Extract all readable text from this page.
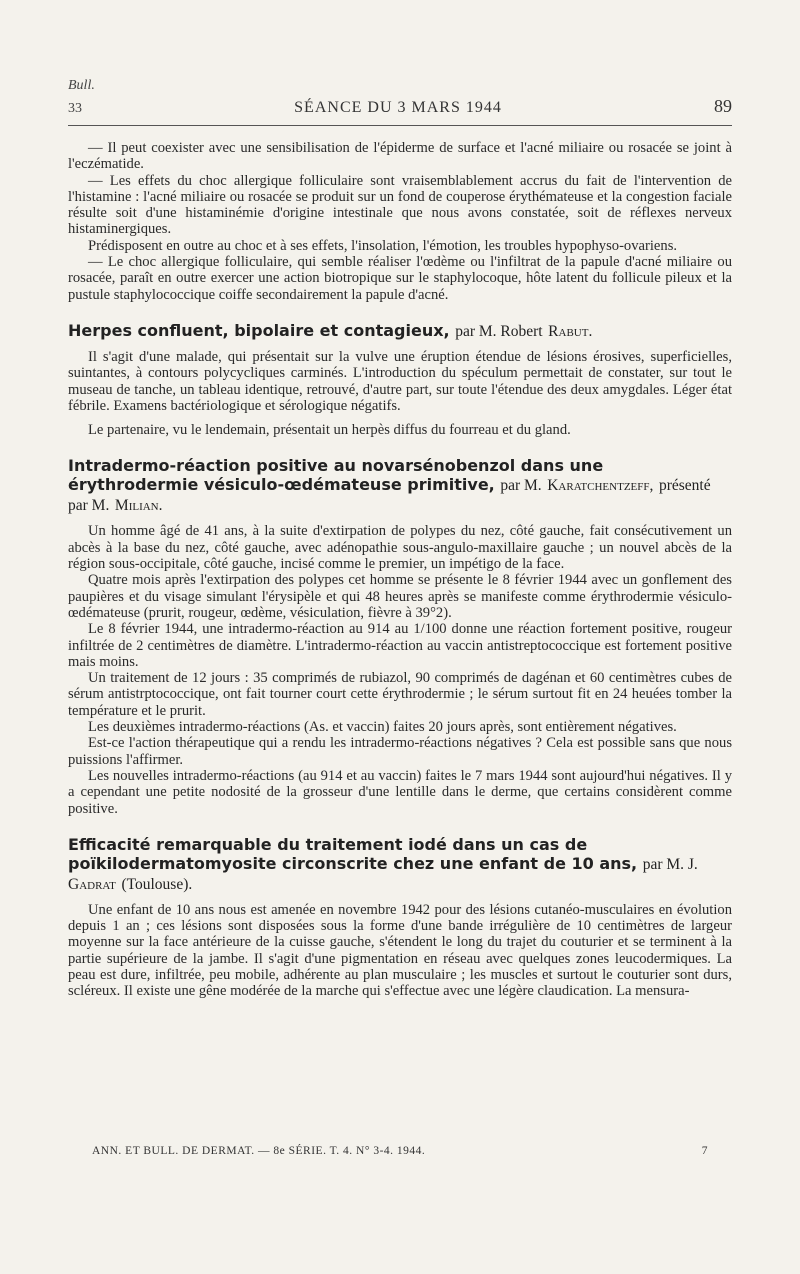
Bull.
33	SÉANCE DU 3 MARS 1944	89

— Il peut coexister avec une sensibilisation de l'épiderme de surface et l'acné miliaire ou rosacée se joint à l'eczématide.

— Les effets du choc allergique folliculaire sont vraisemblablement accrus du fait de l'intervention de l'histamine : l'acné miliaire ou rosacée se produit sur un fond de couperose érythémateuse et la congestion faciale résulte soit d'une histaminémie d'origine intestinale que nous avons constatée, soit de réflexes nerveux histaminergiques.

Prédisposent en outre au choc et à ses effets, l'insolation, l'émotion, les troubles hypophyso-ovariens.

— Le choc allergique folliculaire, qui semble réaliser l'œdème ou l'infiltrat de la papule d'acné miliaire ou rosacée, paraît en outre exercer une action biotropique sur le staphylocoque, hôte latent du follicule pileux et la pustule staphylococcique coiffe secondairement la papule d'acné.

Herpes confluent, bipolaire et contagieux, par M. Robert Rabut.

Il s'agit d'une malade, qui présentait sur la vulve une éruption étendue de lésions érosives, superficielles, suintantes, à contours polycycliques carminés. L'introduction du spéculum permettait de constater, sur tout le museau de tanche, un tableau identique, retrouvé, d'autre part, sur toute l'étendue des deux amygdales. Léger état fébrile. Examens bactériologique et sérologique négatifs.

Le partenaire, vu le lendemain, présentait un herpès diffus du fourreau et du gland.

Intradermo-réaction positive au novarsénobenzol dans une érythrodermie vésiculo-œdémateuse primitive, par M. Karatchentzeff, présenté par M. Milian.

Un homme âgé de 41 ans, à la suite d'extirpation de polypes du nez, côté gauche, fait consécutivement un abcès à la base du nez, côté gauche, avec adénopathie sous-angulo-maxillaire gauche ; un nouvel abcès de la région sous-occipitale, côté gauche, incisé comme le premier, un impétigo de la face.

Quatre mois après l'extirpation des polypes cet homme se présente le 8 février 1944 avec un gonflement des paupières et du visage simulant l'érysipèle et qui 48 heures après se manifeste comme érythrodermie vésiculo-œdémateuse (prurit, rougeur, œdème, vésiculation, fièvre à 39°2).

Le 8 février 1944, une intradermo-réaction au 914 au 1/100 donne une réaction fortement positive, rougeur infiltrée de 2 centimètres de diamètre. L'intradermo-réaction au vaccin antistreptococcique est fortement positive mais moins.

Un traitement de 12 jours : 35 comprimés de rubiazol, 90 comprimés de dagénan et 60 centimètres cubes de sérum antistrptococcique, ont fait tourner court cette érythrodermie ; le sérum surtout fit en 24 heuées tomber la température et le prurit.

Les deuxièmes intradermo-réactions (As. et vaccin) faites 20 jours après, sont entièrement négatives.

Est-ce l'action thérapeutique qui a rendu les intradermo-réactions négatives ? Cela est possible sans que nous puissions l'affirmer.

Les nouvelles intradermo-réactions (au 914 et au vaccin) faites le 7 mars 1944 sont aujourd'hui négatives. Il y a cependant une petite nodosité de la grosseur d'une lentille dans le derme, que certains considèrent comme positive.

Efficacité remarquable du traitement iodé dans un cas de poïkilodermatomyosite circonscrite chez une enfant de 10 ans, par M. J. Gadrat (Toulouse).

Une enfant de 10 ans nous est amenée en novembre 1942 pour des lésions cutanéo-musculaires en évolution depuis 1 an ; ces lésions sont disposées sous la forme d'une bande irrégulière de 10 centimètres de largeur moyenne sur la face antérieure de la cuisse gauche, s'étendent le long du trajet du couturier et se terminent à la partie supérieure de la jambe. Il s'agit d'une pigmentation en réseau avec quelques zones leucodermiques. La peau est dure, infiltrée, peu mobile, adhérente au plan musculaire ; les muscles et surtout le couturier sont durs, scléreux. Il existe une gêne modérée de la marche qui s'effectue avec une légère claudication. La mensura-

ANN. ET BULL. DE DERMAT. — 8e SÉRIE. T. 4. N° 3-4. 1944.	7
